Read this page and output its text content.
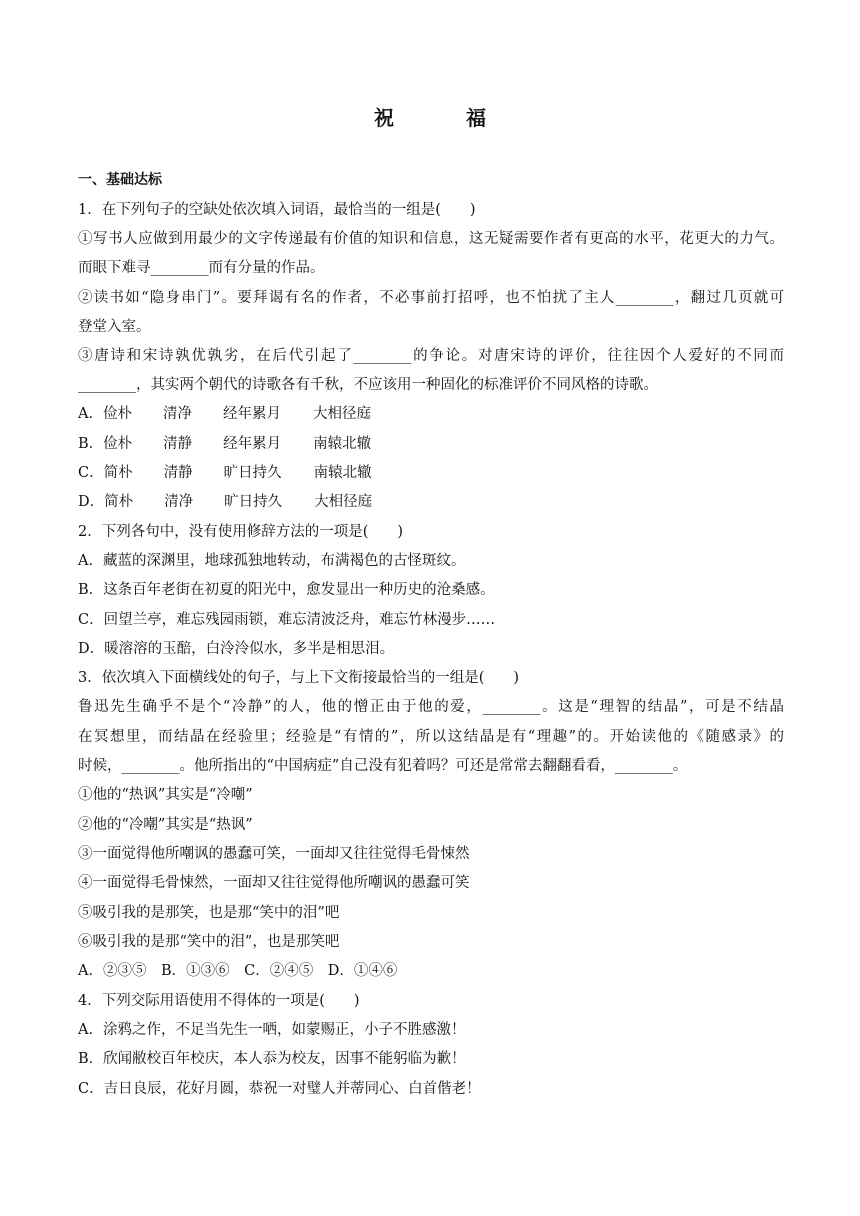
祝　福
一、基础达标
1．在下列句子的空缺处依次填入词语，最恰当的一组是(　　)
①写书人应做到用最少的文字传递最有价值的知识和信息，这无疑需要作者有更高的水平，花更大的力气。
而眼下难寻________而有分量的作品。
②读书如“隐身串门”。要拜谒有名的作者，不必事前打招呼，也不怕扰了主人________，翻过几页就可
登堂入室。
③唐诗和宋诗孰优孰劣，在后代引起了________的争论。对唐宋诗的评价，往往因个人爱好的不同而
________，其实两个朝代的诗歌各有千秋，不应该用一种固化的标准评价不同风格的诗歌。
A．俭朴 清净 经年累月 大相径庭
B．俭朴 清静 经年累月 南辕北辙
C．简朴 清静 旷日持久 南辕北辙
D．简朴 清净 旷日持久 大相径庭
2．下列各句中，没有使用修辞方法的一项是(　　)
A．藏蓝的深渊里，地球孤独地转动，布满褐色的古怪斑纹。
B．这条百年老街在初夏的阳光中，愈发显出一种历史的沧桑感。
C．回望兰亭，难忘残园雨锁，难忘清波泛舟，难忘竹林漫步……
D．暖溶溶的玉醅，白泠泠似水，多半是相思泪。
3．依次填入下面横线处的句子，与上下文衔接最恰当的一组是(　　)
鲁迅先生确乎不是个“冷静”的人，他的憎正由于他的爱，________。这是“理智的结晶”，可是不结晶
在冥想里，而结晶在经验里；经验是“有情的”，所以这结晶是有“理趣”的。开始读他的《随感录》的
时候，________。他所指出的“中国病症”自己没有犯着吗？可还是常常去翻翻看看，________。
①他的“热讽”其实是“冷嘲”
②他的“冷嘲”其实是“热讽”
③一面觉得他所嘲讽的愚蠢可笑，一面却又往往觉得毛骨悚然
④一面觉得毛骨悚然，一面却又往往觉得他所嘲讽的愚蠢可笑
⑤吸引我的是那笑，也是那“笑中的泪”吧
⑥吸引我的是那“笑中的泪”，也是那笑吧
A．②③⑤　B．①③⑥　C．②④⑤　D．①④⑥
4．下列交际用语使用不得体的一项是(　　)
A．涂鸦之作，不足当先生一哂，如蒙赐正，小子不胜感激！
B．欣闻敝校百年校庆，本人忝为校友，因事不能躬临为歉！
C．吉日良辰，花好月圆，恭祝一对璧人并蒂同心、白首偕老！
